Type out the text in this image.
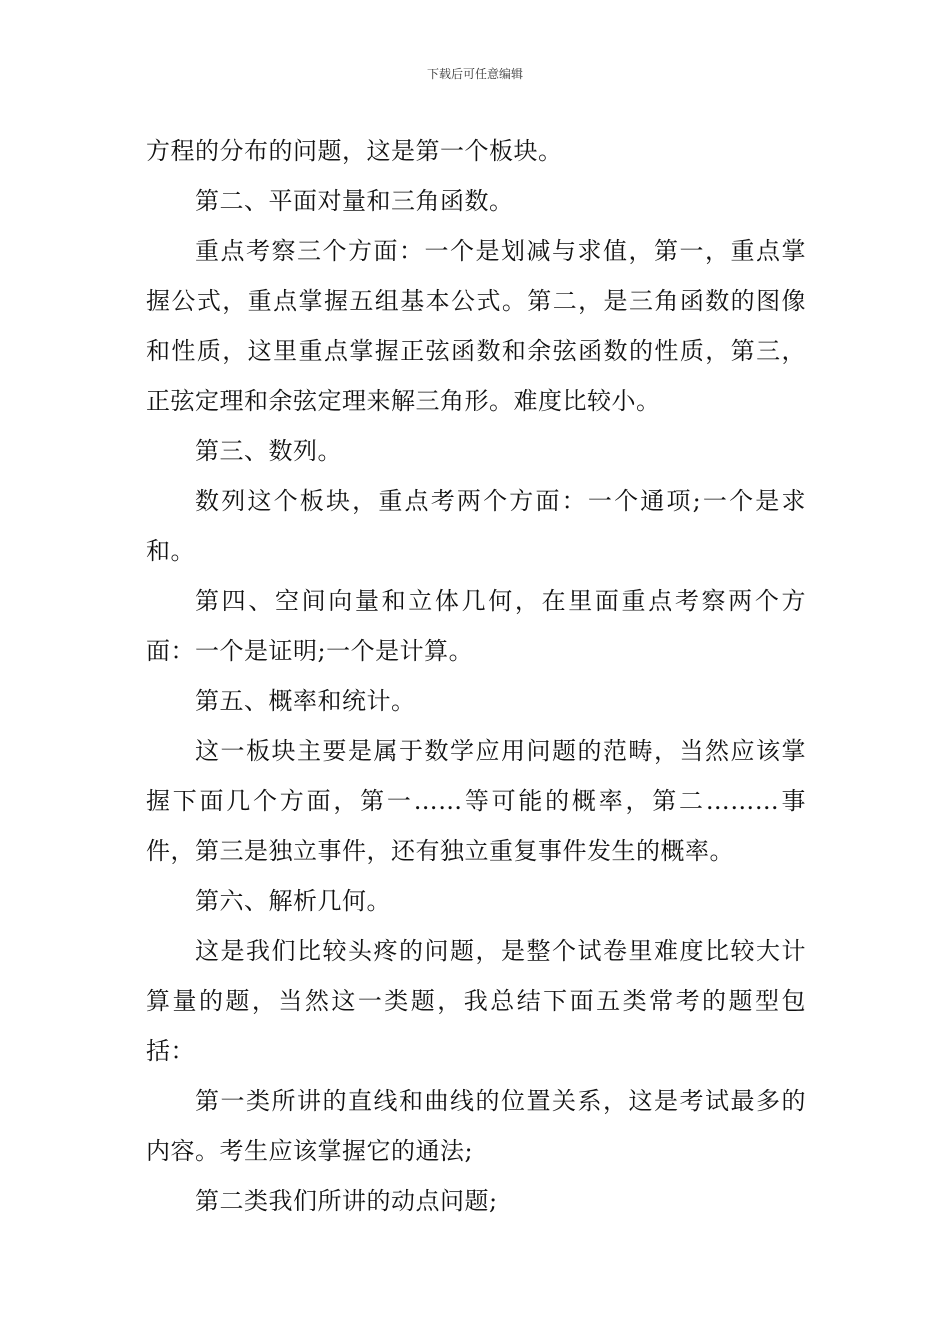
下载后可任意编辑

方程的分布的问题，这是第一个板块。

第二、平面对量和三角函数。

重点考察三个方面：一个是划减与求值，第一，重点掌握公式，重点掌握五组基本公式。第二，是三角函数的图像和性质，这里重点掌握正弦函数和余弦函数的性质，第三，正弦定理和余弦定理来解三角形。难度比较小。

第三、数列。

数列这个板块，重点考两个方面：一个通项;一个是求和。

第四、空间向量和立体几何，在里面重点考察两个方面：一个是证明;一个是计算。

第五、概率和统计。

这一板块主要是属于数学应用问题的范畴，当然应该掌握下面几个方面，第一……等可能的概率，第二………事件，第三是独立事件，还有独立重复事件发生的概率。

第六、解析几何。

这是我们比较头疼的问题，是整个试卷里难度比较大计算量的题，当然这一类题，我总结下面五类常考的题型包括：

第一类所讲的直线和曲线的位置关系，这是考试最多的内容。考生应该掌握它的通法;

第二类我们所讲的动点问题;
